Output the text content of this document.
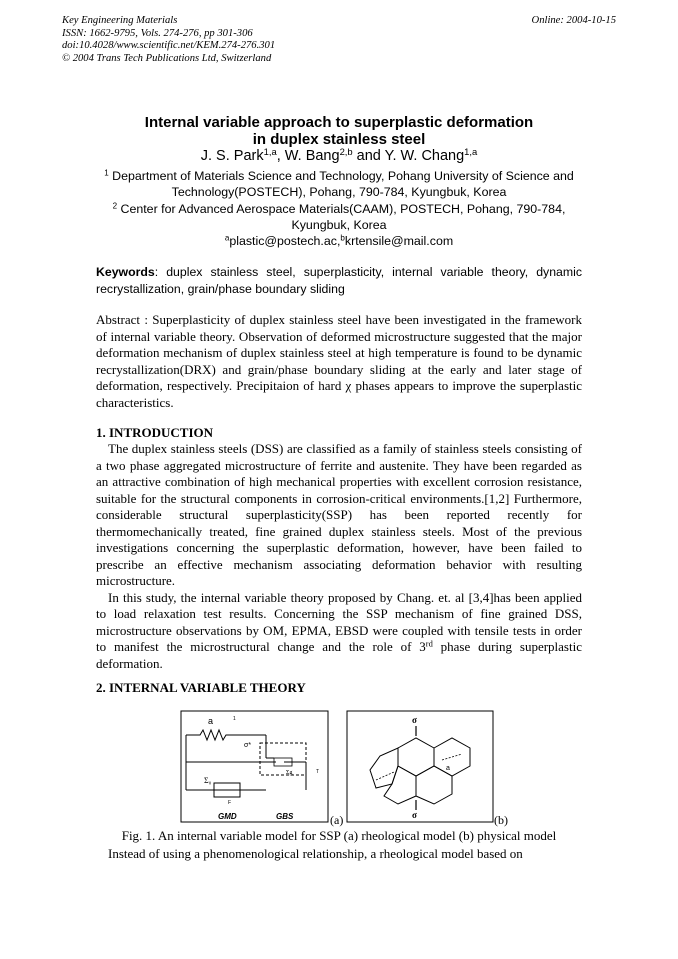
Key Engineering Materials
ISSN: 1662-9795, Vols. 274-276, pp 301-306
doi:10.4028/www.scientific.net/KEM.274-276.301
© 2004 Trans Tech Publications Ltd, Switzerland
Online: 2004-10-15
Internal variable approach to superplastic deformation
in duplex stainless steel
J. S. Park$^{1,a}$, W. Bang$^{2,b}$ and Y. W. Chang$^{1,a}$
$^1$ Department of Materials Science and Technology, Pohang University of Science and Technology(POSTECH), Pohang, 790-784, Kyungbuk, Korea
$^2$ Center for Advanced Aerospace Materials(CAAM), POSTECH, Pohang, 790-784, Kyungbuk, Korea
$^a$plastic@postech.ac,$^b$krtensile@mail.com
Keywords: duplex stainless steel, superplasticity, internal variable theory, dynamic recrystallization, grain/phase boundary sliding
Abstract : Superplasticity of duplex stainless steel have been investigated in the framework of internal variable theory. Observation of deformed microstructure suggested that the major deformation mechanism of duplex stainless steel at high temperature is found to be dynamic recrystallization(DRX) and grain/phase boundary sliding at the early and later stage of deformation, respectively. Precipitaion of hard χ phases appears to improve the superplastic characteristics.
1. INTRODUCTION

The duplex stainless steels (DSS) are classified as a family of stainless steels consisting of a two phase aggregated microstructure of ferrite and austenite. They have been regarded as an attractive combination of high mechanical properties with excellent corrosion resistance, suitable for the structural components in corrosion-critical environments.[1,2] Furthermore, considerable structural superplasticity(SSP) has been reported recently for thermomechanically treated, fine grained duplex stainless steels. Most of the previous investigations concerning the superplastic deformation, however, have been failed to prescribe an effective mechanism associating deformation behavior with resulting microstructure.

In this study, the internal variable theory proposed by Chang. et. al [3,4]has been applied to load relaxation test results. Concerning the SSP mechanism of fine grained DSS, microstructure observations by OM, EPMA, EBSD were coupled with tensile tests in order to manifest the microstructural change and the role of 3rd phase during superplastic deformation.

2. INTERNAL VARIABLE THEORY
a	1
σ*
Σ₀
F
Σg	T
GMD	GBS	(a)
σ
a
σ	(b)
Fig. 1. An internal variable model for SSP (a) rheological model (b) physical model
Instead of using a phenomenological relationship, a rheological model based on
